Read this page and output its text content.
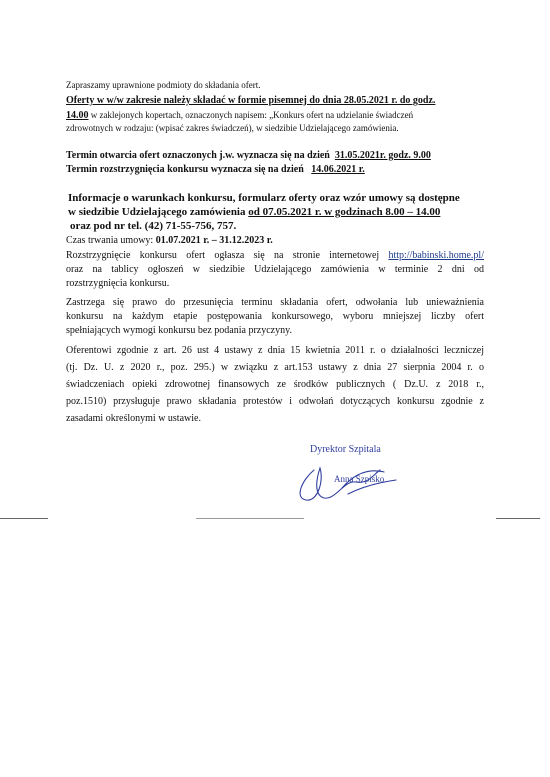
Zapraszamy uprawnione podmioty do składania ofert.
Oferty w w/w zakresie należy składać w formie pisemnej do dnia 28.05.2021 r. do godz.
14.00 w zaklejonych kopertach, oznaczonych napisem: „Konkurs ofert na udzielanie świadczeń
zdrowotnych w rodzaju: (wpisać zakres świadczeń), w siedzibie Udzielającego zamówienia.
Termin otwarcia ofert oznaczonych j.w. wyznacza się na dzień 31.05.2021r. godz. 9.00
Termin rozstrzygnięcia konkursu wyznacza się na dzień 14.06.2021 r.
Informacje o warunkach konkursu, formularz oferty oraz wzór umowy są dostępne
w siedzibie Udzielającego zamówienia od 07.05.2021 r. w godzinach 8.00 – 14.00
oraz pod nr tel. (42) 71-55-756, 757.
Czas trwania umowy: 01.07.2021 r. – 31.12.2023 r.
Rozstrzygnięcie konkursu ofert ogłasza się na stronie internetowej http://babinski.home.pl/
oraz na tablicy ogłoszeń w siedzibie Udzielającego zamówienia w terminie 2 dni od
rozstrzygnięcia konkursu.
Zastrzega się prawo do przesunięcia terminu składania ofert, odwołania lub unieważnienia
konkursu na każdym etapie postępowania konkursowego, wyboru mniejszej liczby ofert
spełniających wymogi konkursu bez podania przyczyny.
Oferentowi zgodnie z art. 26 ust 4 ustawy z dnia 15 kwietnia 2011 r. o działalności leczniczej
(tj. Dz. U. z 2020 r., poz. 295.) w związku z art.153 ustawy z dnia 27 sierpnia 2004 r. o
świadczeniach opieki zdrowotnej finansowych ze środków publicznych ( Dz.U. z 2018 r.,
poz.1510) przysługuje prawo składania protestów i odwołań dotyczących konkursu zgodnie z
zasadami określonymi w ustawie.
Dyrektor Szpitala
Anna Szpisko
